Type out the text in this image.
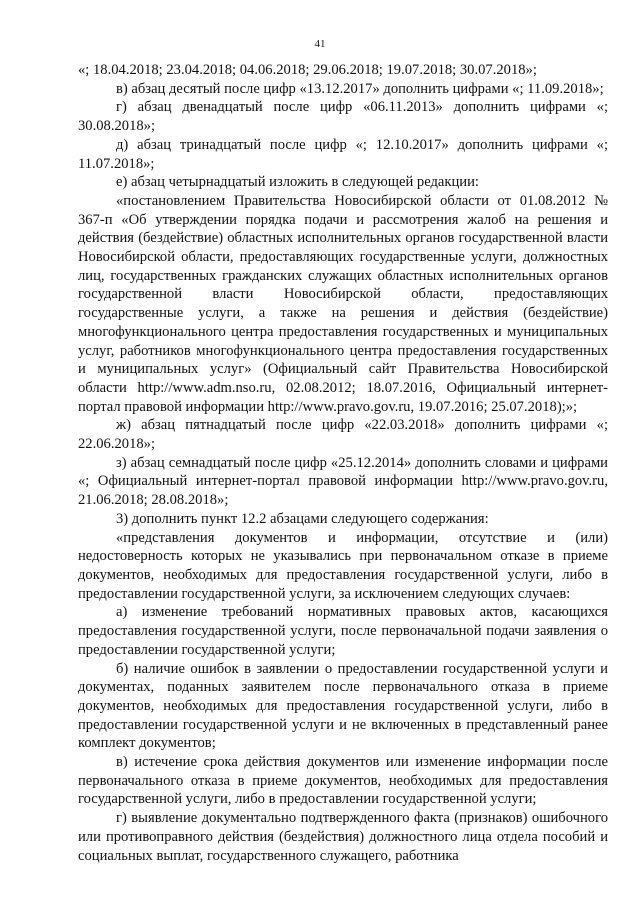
41

«; 18.04.2018; 23.04.2018; 04.06.2018; 29.06.2018; 19.07.2018; 30.07.2018»;

в) абзац десятый после цифр «13.12.2017» дополнить цифрами «; 11.09.2018»;

г) абзац двенадцатый после цифр «06.11.2013» дополнить цифрами «; 30.08.2018»;

д) абзац тринадцатый после цифр «; 12.10.2017» дополнить цифрами «; 11.07.2018»;

е) абзац четырнадцатый изложить в следующей редакции:

«постановлением Правительства Новосибирской области от 01.08.2012 № 367-п «Об утверждении порядка подачи и рассмотрения жалоб на решения и действия (бездействие) областных исполнительных органов государственной власти Новосибирской области, предоставляющих государственные услуги, должностных лиц, государственных гражданских служащих областных исполнительных органов государственной власти Новосибирской области, предоставляющих государственные услуги, а также на решения и действия (бездействие) многофункционального центра предоставления государственных и муниципальных услуг, работников многофункционального центра предоставления государственных и муниципальных услуг» (Официальный сайт Правительства Новосибирской области http://www.adm.nso.ru, 02.08.2012; 18.07.2016, Официальный интернет-портал правовой информации http://www.pravo.gov.ru, 19.07.2016; 25.07.2018);»;

ж) абзац пятнадцатый после цифр «22.03.2018» дополнить цифрами «; 22.06.2018»;

з) абзац семнадцатый после цифр «25.12.2014» дополнить словами и цифрами «; Официальный интернет-портал правовой информации http://www.pravo.gov.ru, 21.06.2018; 28.08.2018»;

3) дополнить пункт 12.2 абзацами следующего содержания:

«представления документов и информации, отсутствие и (или) недостоверность которых не указывались при первоначальном отказе в приеме документов, необходимых для предоставления государственной услуги, либо в предоставлении государственной услуги, за исключением следующих случаев:

а) изменение требований нормативных правовых актов, касающихся предоставления государственной услуги, после первоначальной подачи заявления о предоставлении государственной услуги;

б) наличие ошибок в заявлении о предоставлении государственной услуги и документах, поданных заявителем после первоначального отказа в приеме документов, необходимых для предоставления государственной услуги, либо в предоставлении государственной услуги и не включенных в представленный ранее комплект документов;

в) истечение срока действия документов или изменение информации после первоначального отказа в приеме документов, необходимых для предоставления государственной услуги, либо в предоставлении государственной услуги;

г) выявление документально подтвержденного факта (признаков) ошибочного или противоправного действия (бездействия) должностного лица отдела пособий и социальных выплат, государственного служащего, работника
